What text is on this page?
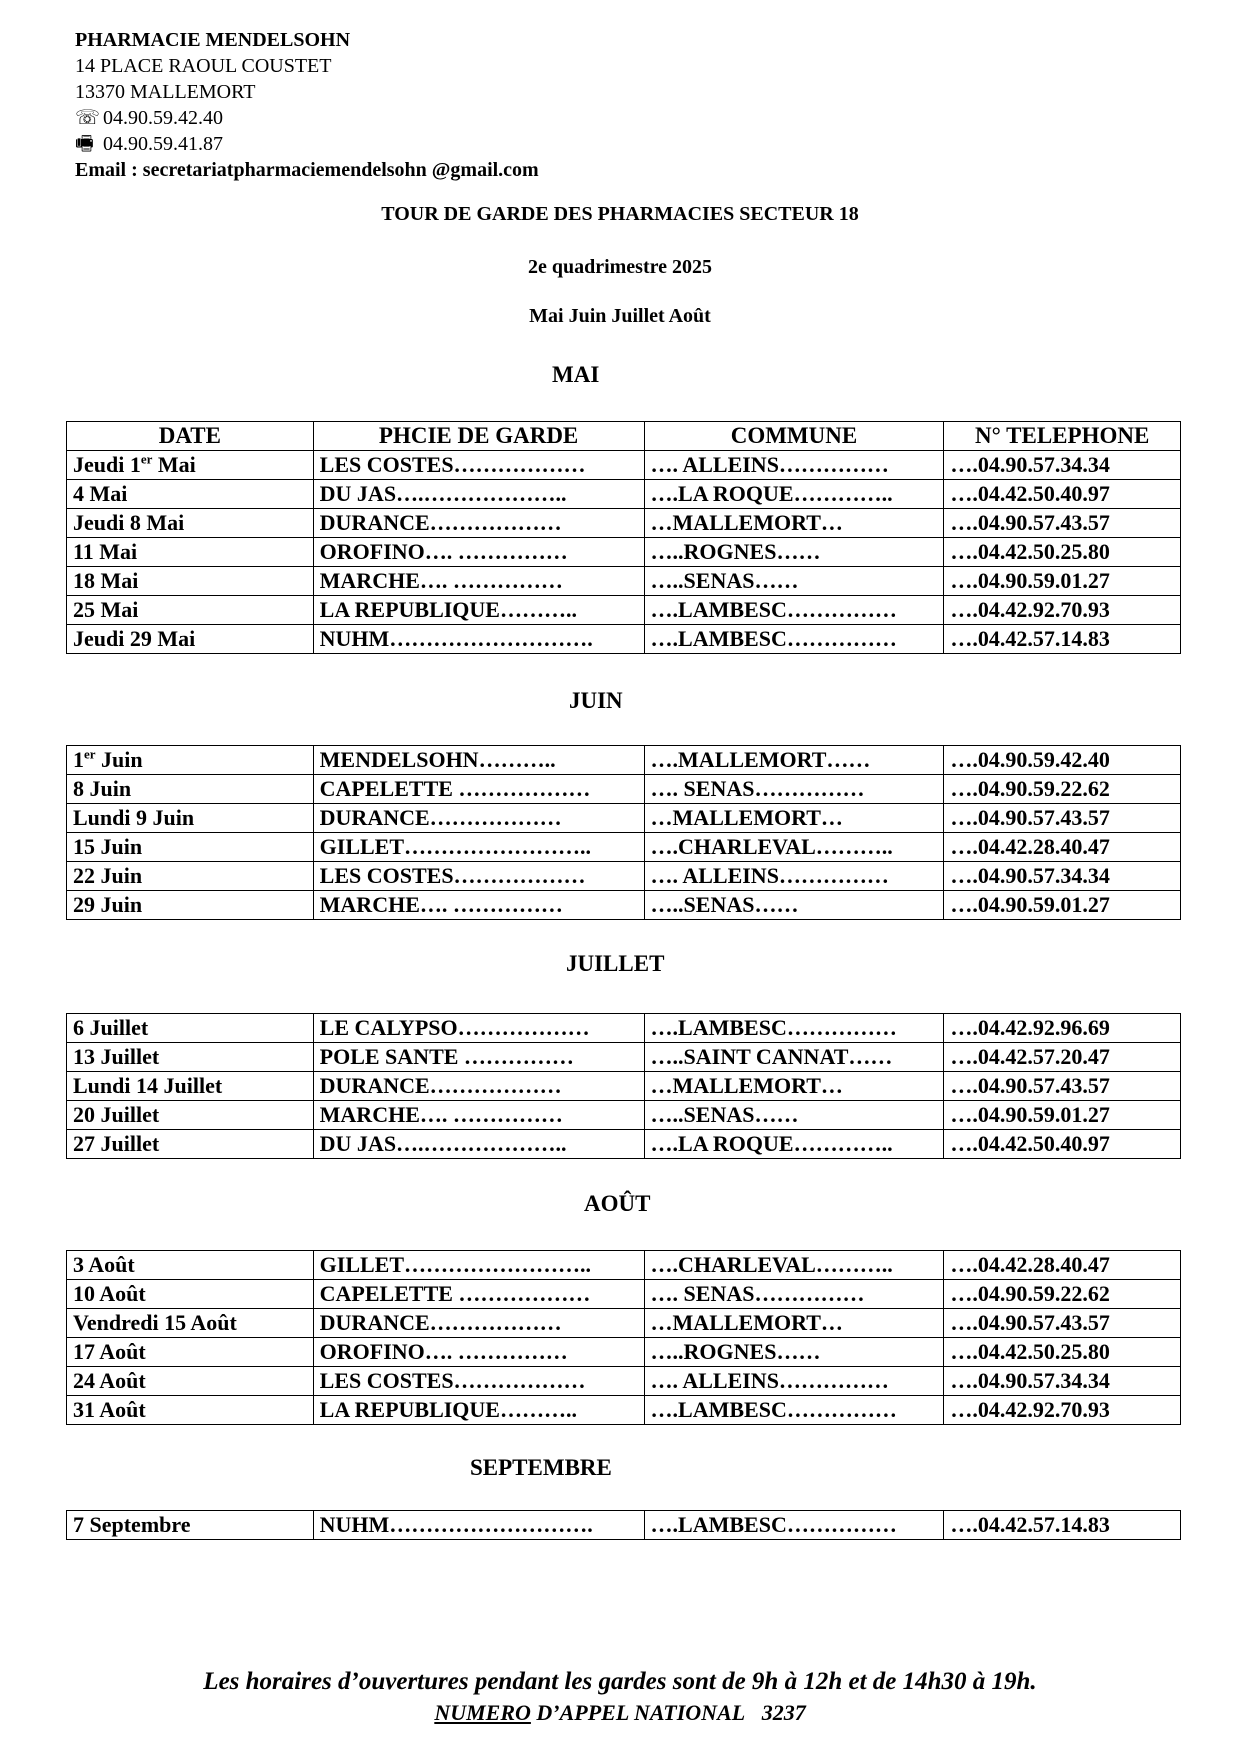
PHARMACIE MENDELSOHN
14 PLACE RAOUL COUSTET
13370 MALLEMORT
☏ 04.90.59.42.40
🖷 04.90.59.41.87
Email : secretariatpharmaciemendelsohn @gmail.com
TOUR DE GARDE DES PHARMACIES SECTEUR 18
2e quadrimestre 2025
Mai Juin Juillet Août
MAI
DATE	PHCIE DE GARDE	COMMUNE	N° TELEPHONE
Jeudi 1er Mai	LES COSTES………………	…. ALLEINS……………	….04.90.57.34.34
4 Mai	DU JAS….………………..	….LA ROQUE…………..	….04.42.50.40.97
Jeudi 8 Mai	DURANCE………………	…MALLEMORT…	….04.90.57.43.57
11 Mai	OROFINO…. ……………	…..ROGNES……	….04.42.50.25.80
18 Mai	MARCHE…. ……………	…..SENAS……	….04.90.59.01.27
25 Mai	LA REPUBLIQUE………..	….LAMBESC……………	….04.42.92.70.93
Jeudi 29 Mai	NUHM……………………….	….LAMBESC……………	….04.42.57.14.83
JUIN
1er Juin	MENDELSOHN………..	….MALLEMORT……	….04.90.59.42.40
8 Juin	CAPELETTE ………………	…. SENAS……………	….04.90.59.22.62
Lundi 9 Juin	DURANCE………………	…MALLEMORT…	….04.90.57.43.57
15 Juin	GILLET……………………..	….CHARLEVAL………..	….04.42.28.40.47
22 Juin	LES COSTES………………	…. ALLEINS……………	….04.90.57.34.34
29 Juin	MARCHE…. ……………	…..SENAS……	….04.90.59.01.27
JUILLET
6 Juillet	LE CALYPSO………………	….LAMBESC……………	….04.42.92.96.69
13 Juillet	POLE SANTE ……………	…..SAINT CANNAT……	….04.42.57.20.47
Lundi 14 Juillet	DURANCE………………	…MALLEMORT…	….04.90.57.43.57
20 Juillet	MARCHE…. ……………	…..SENAS……	….04.90.59.01.27
27 Juillet	DU JAS….………………..	….LA ROQUE…………..	….04.42.50.40.97
AOÛT
3 Août	GILLET……………………..	….CHARLEVAL………..	….04.42.28.40.47
10 Août	CAPELETTE ………………	…. SENAS……………	….04.90.59.22.62
Vendredi 15 Août	DURANCE………………	…MALLEMORT…	….04.90.57.43.57
17 Août	OROFINO…. ……………	…..ROGNES……	….04.42.50.25.80
24 Août	LES COSTES………………	…. ALLEINS……………	….04.90.57.34.34
31 Août	LA REPUBLIQUE………..	….LAMBESC……………	….04.42.92.70.93
SEPTEMBRE
7 Septembre	NUHM……………………….	….LAMBESC……………	….04.42.57.14.83
Les horaires d’ouvertures pendant les gardes sont de 9h à 12h et de 14h30 à 19h.
NUMERO D’APPEL NATIONAL 3237
